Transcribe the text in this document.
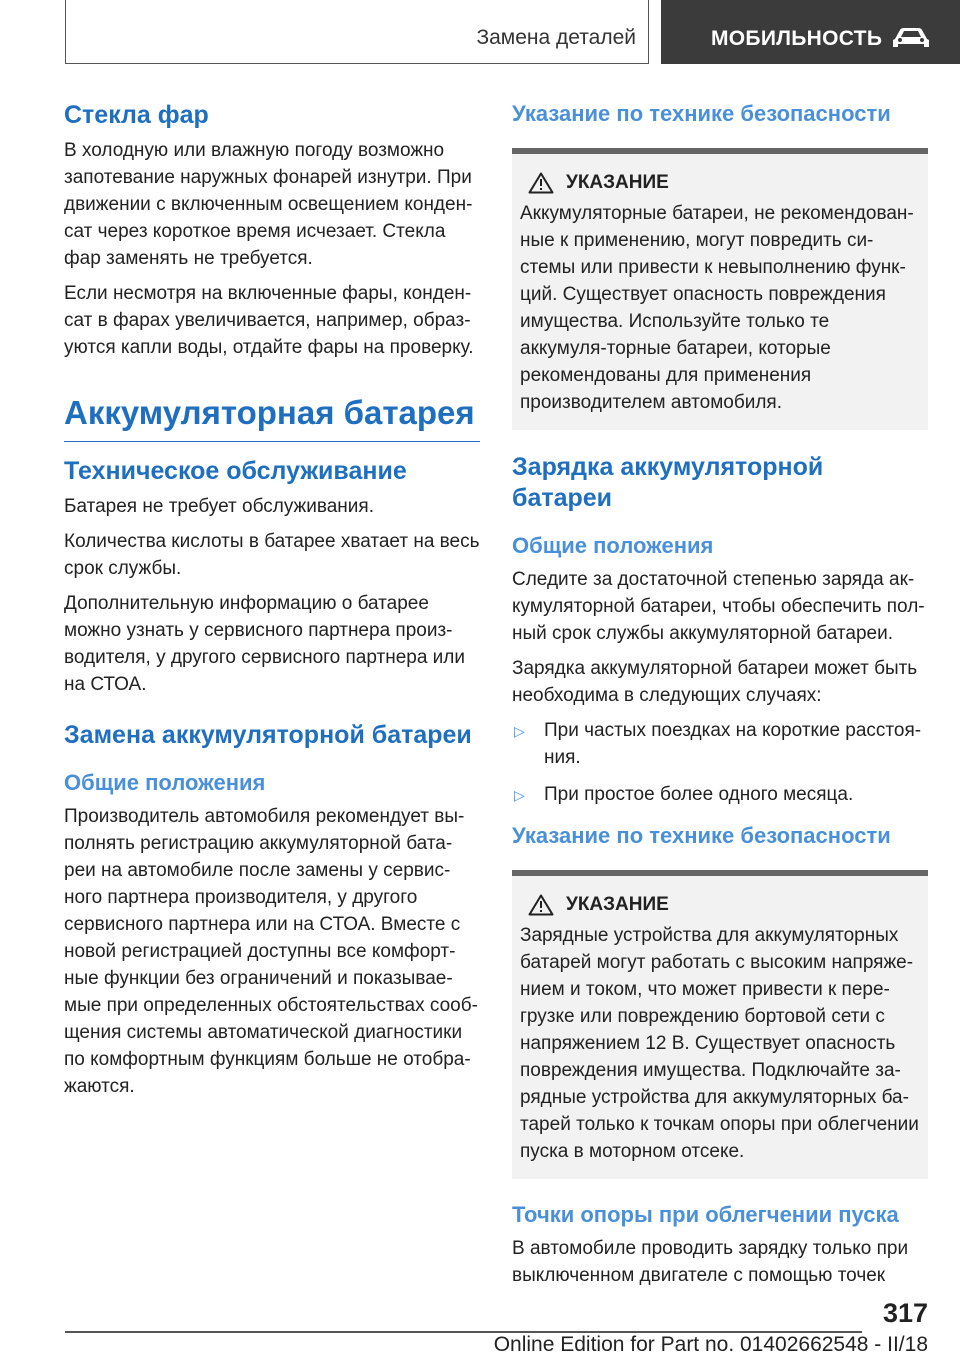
Замена деталей	МОБИЛЬНОСТЬ
Стекла фар

В холодную или влажную погоду возможно запотевание наружных фонарей изнутри. При движении с включенным освещением конден-сат через короткое время исчезает. Стекла фар заменять не требуется.

Если несмотря на включенные фары, конден-сат в фарах увеличивается, например, образ-уются капли воды, отдайте фары на проверку.

Аккумуляторная батарея
Техническое обслуживание

Батарея не требует обслуживания.

Количества кислоты в батарее хватает на весь срок службы.

Дополнительную информацию о батарее можно узнать у сервисного партнера произ-водителя, у другого сервисного партнера или на СТОА.

Замена аккумуляторной батареи
Общие положения

Производитель автомобиля рекомендует вы-полнять регистрацию аккумуляторной бата-реи на автомобиле после замены у сервис-ного партнера производителя, у другого сервисного партнера или на СТОА. Вместе с новой регистрацией доступны все комфорт-ные функции без ограничений и показывае-мые при определенных обстоятельствах сооб-щения системы автоматической диагностики по комфортным функциям больше не отобра-жаются.

Указание по технике безопасности
УКАЗАНИЕ

Аккумуляторные батареи, не рекомендован-ные к применению, могут повредить си-стемы или привести к невыполнению функ-ций. Существует опасность повреждения имущества. Используйте только те аккумуля-торные батареи, которые рекомендованы для применения производителем автомобиля.

Зарядка аккумуляторной батареи
Общие положения

Следите за достаточной степенью заряда ак-кумуляторной батареи, чтобы обеспечить пол-ный срок службы аккумуляторной батареи.

Зарядка аккумуляторной батареи может быть необходима в следующих случаях:

▷	При частых поездках на короткие расстоя-ния.

▷	При простое более одного месяца.

Указание по технике безопасности
УКАЗАНИЕ

Зарядные устройства для аккумуляторных батарей могут работать с высоким напряже-нием и током, что может привести к пере-грузке или повреждению бортовой сети с напряжением 12 В. Существует опасность повреждения имущества. Подключайте за-рядные устройства для аккумуляторных ба-тарей только к точкам опоры при облегчении пуска в моторном отсеке.

Точки опоры при облегчении пуска

В автомобиле проводить зарядку только при выключенном двигателе с помощью точек

317
Online Edition for Part no. 01402662548 - II/18
